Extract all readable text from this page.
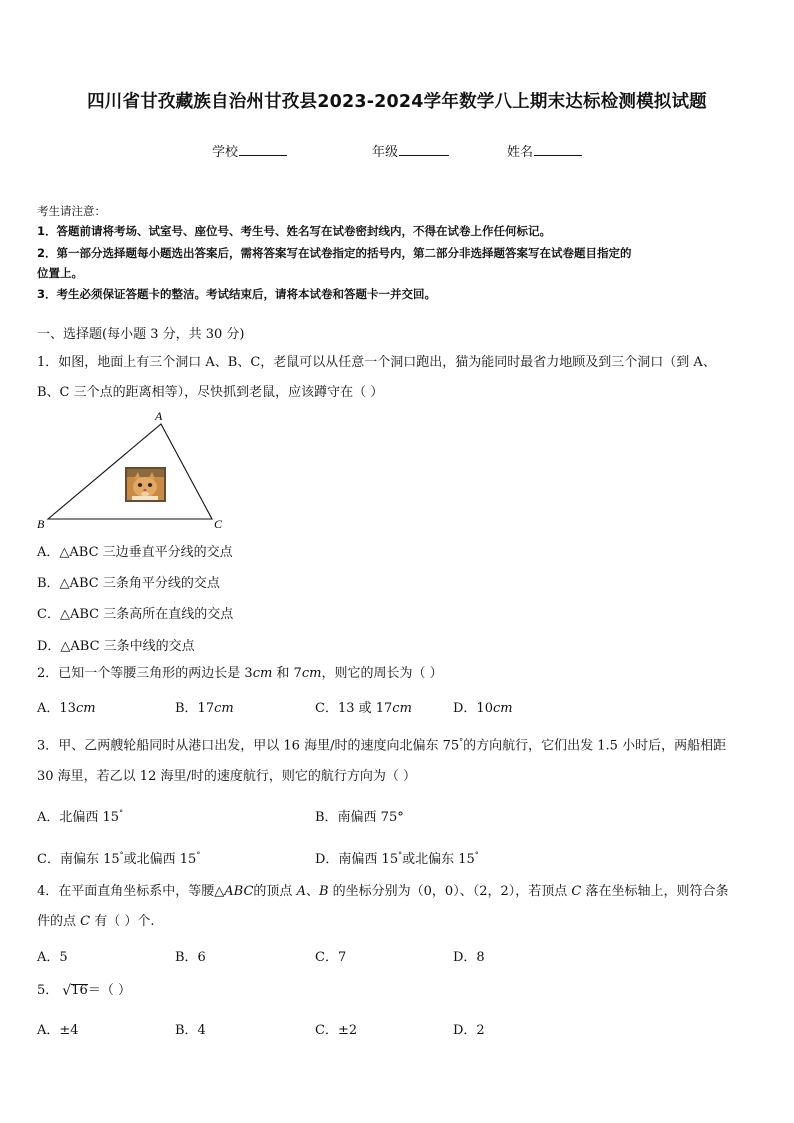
四川省甘孜藏族自治州甘孜县2023-2024学年数学八上期末达标检测模拟试题
学校	年级	姓名
考生请注意：
1．答题前请将考场、试室号、座位号、考生号、姓名写在试卷密封线内，不得在试卷上作任何标记。
2．第一部分选择题每小题选出答案后，需将答案写在试卷指定的括号内，第二部分非选择题答案写在试卷题目指定的
位置上。
3．考生必须保证答题卡的整洁。考试结束后，请将本试卷和答题卡一并交回。
一、选择题(每小题 3 分，共 30 分)
1．如图，地面上有三个洞口 A、B、C，老鼠可以从任意一个洞口跑出，猫为能同时最省力地顾及到三个洞口（到 A、
B、C 三个点的距离相等），尽快抓到老鼠，应该蹲守在（ ）
A
B	C
A．△ABC 三边垂直平分线的交点
B．△ABC 三条角平分线的交点
C．△ABC 三条高所在直线的交点
D．△ABC 三条中线的交点
2．已知一个等腰三角形的两边长是 3cm 和 7cm，则它的周长为（ ）
A．13cm	B．17cm	C．13 或 17cm	D．10cm
3．甲、乙两艘轮船同时从港口出发，甲以 16 海里/时的速度向北偏东 75°的方向航行，它们出发 1.5 小时后，两船相距
30 海里，若乙以 12 海里/时的速度航行，则它的航行方向为（ ）
A．北偏西 15°	B．南偏西 75°
C．南偏东 15°或北偏西 15°	D．南偏西 15°或北偏东 15°
4．在平面直角坐标系中，等腰△ABC的顶点 A、B 的坐标分别为（0，0）、（2，2），若顶点 C 落在坐标轴上，则符合条
件的点 C 有（ ）个.
A．5	B．6	C．7	D．8
5． √ 16＝（ ）
A．±4	B．4	C．±2	D．2
